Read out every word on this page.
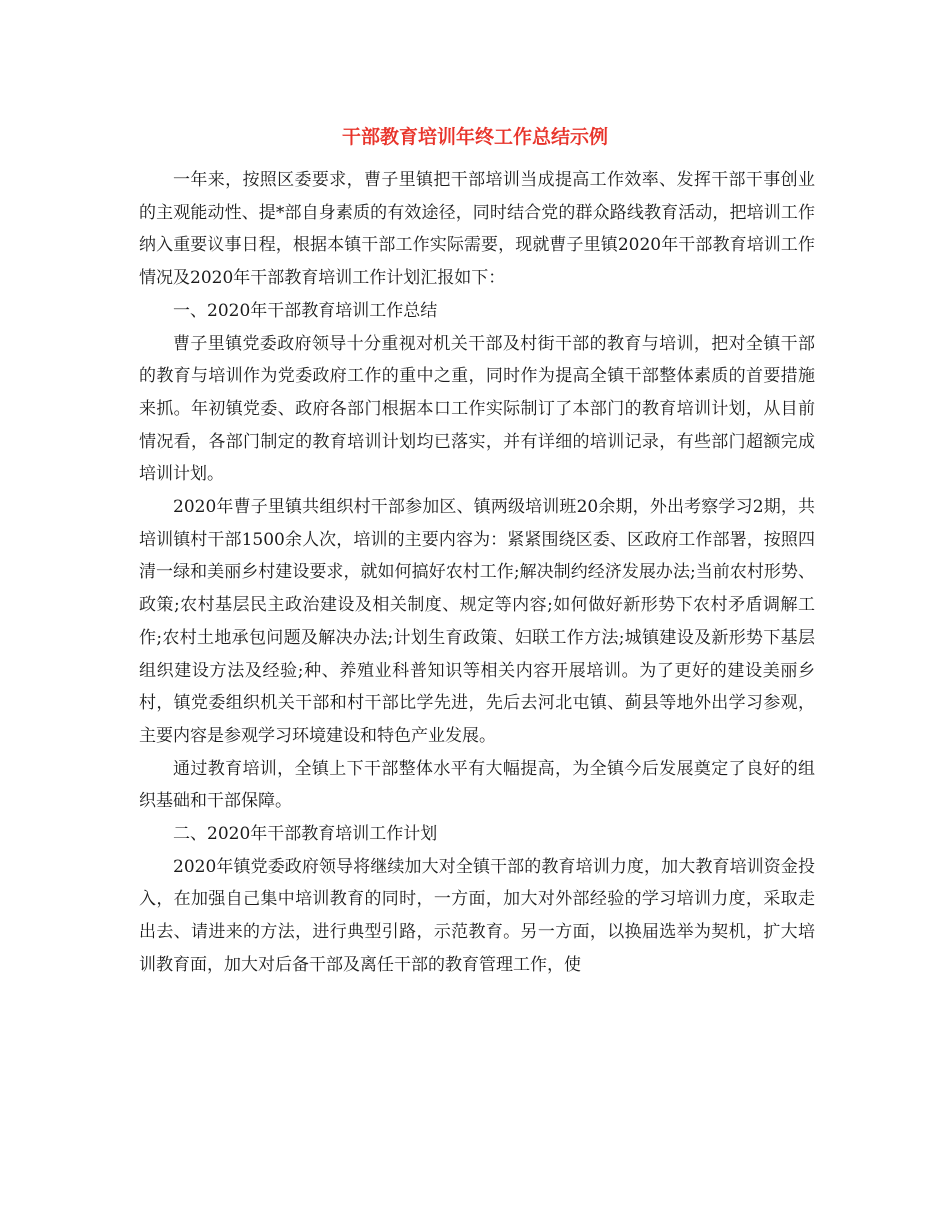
干部教育培训年终工作总结示例

一年来，按照区委要求，曹子里镇把干部培训当成提高工作效率、发挥干部干事创业的主观能动性、提*部自身素质的有效途径，同时结合党的群众路线教育活动，把培训工作纳入重要议事日程，根据本镇干部工作实际需要，现就曹子里镇2020年干部教育培训工作情况及2020年干部教育培训工作计划汇报如下：

一、2020年干部教育培训工作总结

曹子里镇党委政府领导十分重视对机关干部及村街干部的教育与培训，把对全镇干部的教育与培训作为党委政府工作的重中之重，同时作为提高全镇干部整体素质的首要措施来抓。年初镇党委、政府各部门根据本口工作实际制订了本部门的教育培训计划，从目前情况看，各部门制定的教育培训计划均已落实，并有详细的培训记录，有些部门超额完成培训计划。

2020年曹子里镇共组织村干部参加区、镇两级培训班20余期，外出考察学习2期，共培训镇村干部1500余人次，培训的主要内容为：紧紧围绕区委、区政府工作部署，按照四清一绿和美丽乡村建设要求，就如何搞好农村工作;解决制约经济发展办法;当前农村形势、政策;农村基层民主政治建设及相关制度、规定等内容;如何做好新形势下农村矛盾调解工作;农村土地承包问题及解决办法;计划生育政策、妇联工作方法;城镇建设及新形势下基层组织建设方法及经验;种、养殖业科普知识等相关内容开展培训。为了更好的建设美丽乡村，镇党委组织机关干部和村干部比学先进，先后去河北屯镇、蓟县等地外出学习参观，主要内容是参观学习环境建设和特色产业发展。

通过教育培训，全镇上下干部整体水平有大幅提高，为全镇今后发展奠定了良好的组织基础和干部保障。

二、2020年干部教育培训工作计划

2020年镇党委政府领导将继续加大对全镇干部的教育培训力度，加大教育培训资金投入，在加强自己集中培训教育的同时，一方面，加大对外部经验的学习培训力度，采取走出去、请进来的方法，进行典型引路，示范教育。另一方面，以换届选举为契机，扩大培训教育面，加大对后备干部及离任干部的教育管理工作，使
